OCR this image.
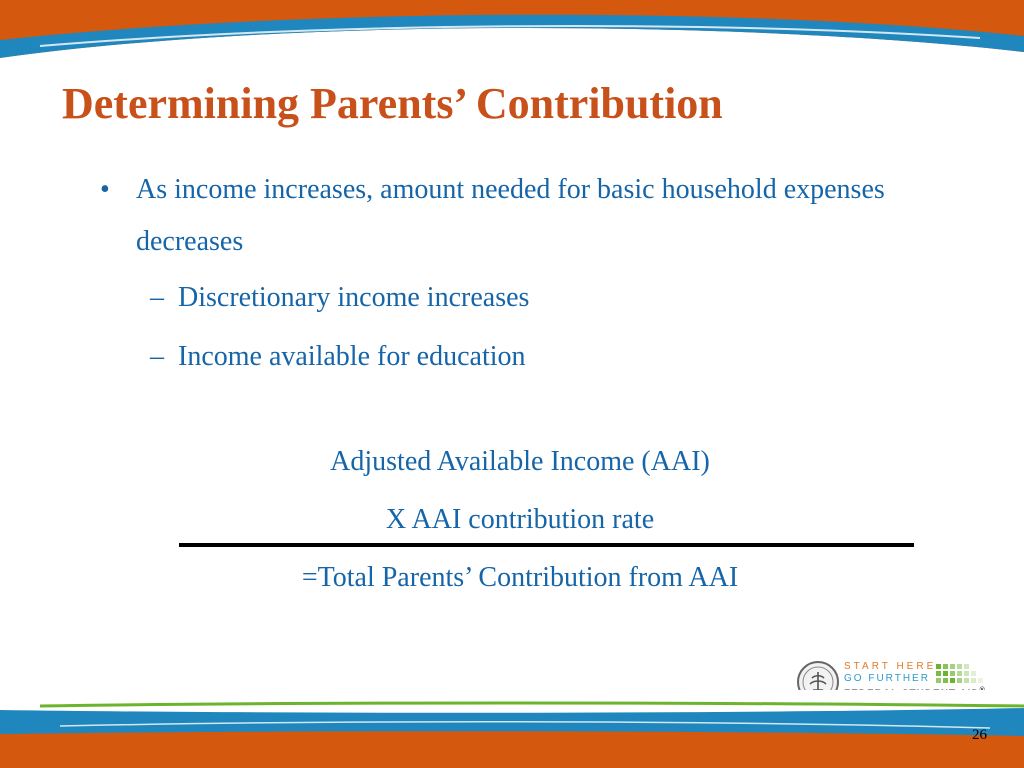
Determining Parents’ Contribution
• As income increases, amount needed for basic household expenses decreases
– Discretionary income increases
– Income available for education
Adjusted Available Income (AAI)
X AAI contribution rate
=Total Parents’ Contribution from AAI
START HERE
GO FURTHER
26
